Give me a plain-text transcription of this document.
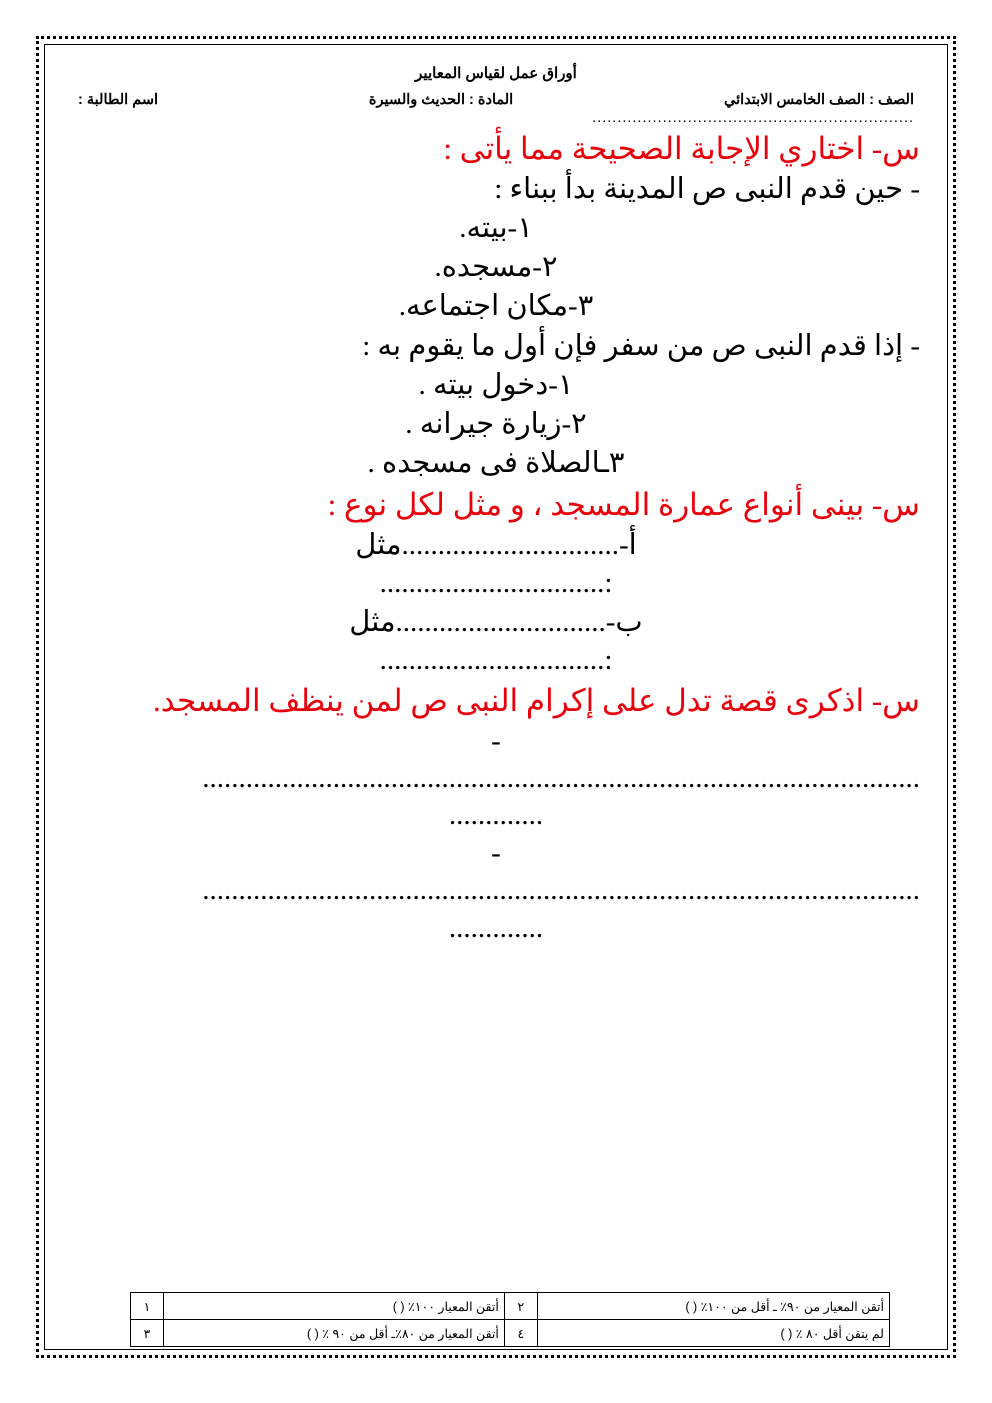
أوراق عمل لقياس المعايير
الصف : الصف الخامس الابتدائي
المادة : الحديث والسيرة
اسم الطالبة :
................................................................
س- اختاري الإجابة الصحيحة مما يأتى :
- حين قدم النبى ص المدينة بدأ ببناء :
١-بيته.
٢-مسجده.
٣-مكان اجتماعه.
- إذا قدم النبى ص من سفر فإن أول ما يقوم به :
١-دخول بيته .
٢-زيارة جيرانه .
٣ـالصلاة فى مسجده .
س- بينى أنواع عمارة المسجد ، و مثل لكل نوع :
أ-..............................مثل
:...............................
ب-.............................مثل
:...............................
س- اذكرى قصة تدل على إكرام النبى ص لمن ينظف المسجد.
-
...................................................................................................
.............
-
...................................................................................................
.............
أتقن المعيار من ٩٠٪ ـ أقل من ١٠٠٪ ( )	٢	أتقن المعيار ١٠٠٪ ( )	١
لم يتقن أقل ٨٠ ٪ ( )	٤	أتقن المعيار من ٨٠٪ـ أقل من ٩٠ ٪ ( )	٣
